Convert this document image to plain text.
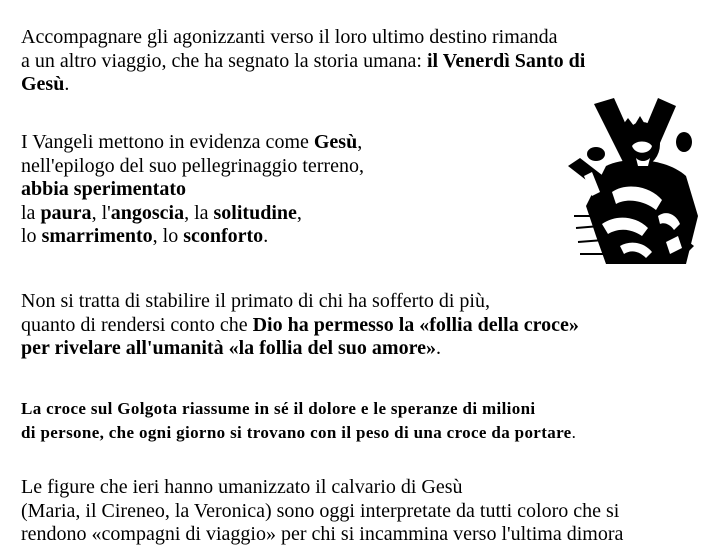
Accompagnare gli agonizzanti verso il loro ultimo destino rimanda
a un altro viaggio, che ha segnato la storia umana: il Venerdì Santo di
Gesù.

I Vangeli mettono in evidenza come Gesù,
nell'epilogo del suo pellegrinaggio terreno,
abbia sperimentato
la paura, l'angoscia, la solitudine,
lo smarrimento, lo sconforto.

Non si tratta di stabilire il primato di chi ha sofferto di più,
quanto di rendersi conto che Dio ha permesso la «follia della croce»
per rivelare all'umanità «la follia del suo amore».

La croce sul Golgota riassume in sé il dolore e le speranze di milioni
di persone, che ogni giorno si trovano con il peso di una croce da portare.

Le figure che ieri hanno umanizzato il calvario di Gesù
(Maria, il Cireneo, la Veronica) sono oggi interpretate da tutti coloro che si
rendono «compagni di viaggio» per chi si incammina verso l'ultima dimora
